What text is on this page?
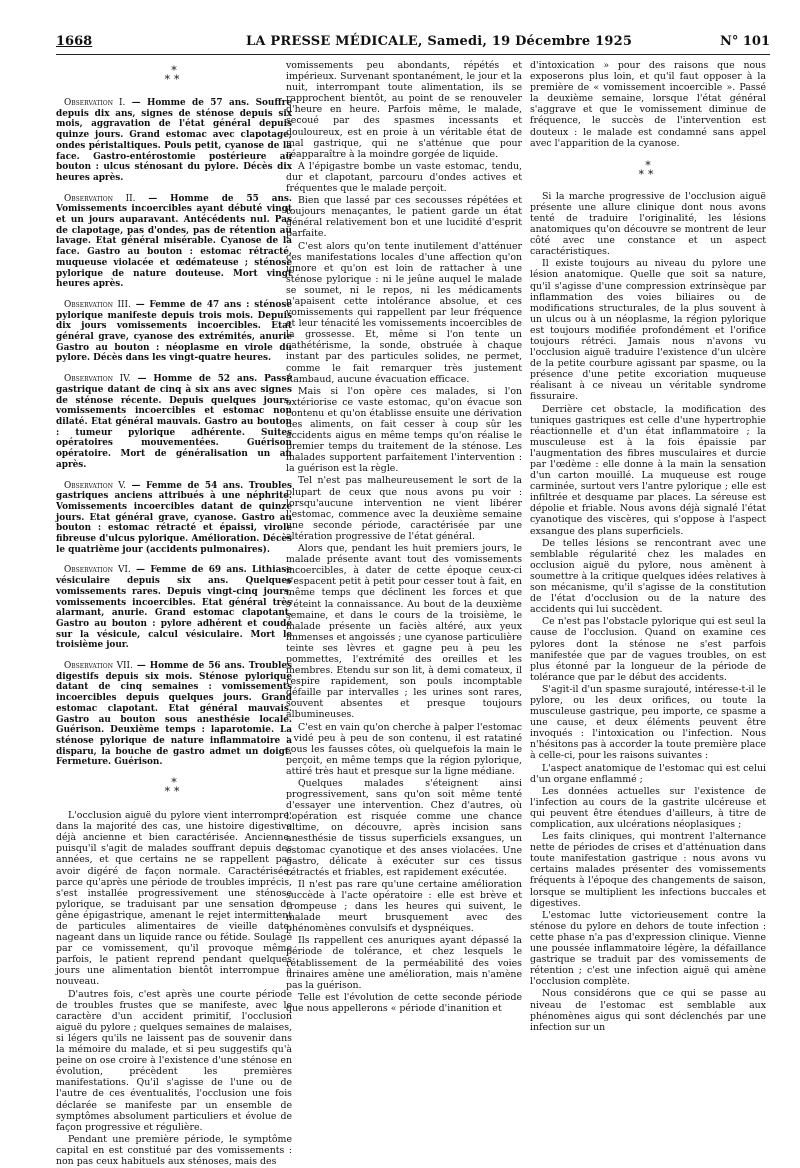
1668	LA PRESSE MÉDICALE, Samedi, 19 Décembre 1925	N° 101
*
**

Observation I. — Homme de 57 ans. Souffre depuis dix ans, signes de sténose depuis six mois, aggravation de l'état général depuis quinze jours. Grand estomac avec clapotage, ondes péristaltiques. Pouls petit, cyanose de la face. Gastro-entérostomie postérieure au bouton : ulcus sténosant du pylore. Décès dix heures après.

Observation II. — Homme de 55 ans. Vomissements incoercibles ayant débuté vingt et un jours auparavant. Antécédents nul. Pas de clapotage, pas d'ondes, pas de rétention au lavage. Etat général misérable. Cyanose de la face. Gastro au bouton : estomac rétracté, muqueuse violacée et œdémateuse ; sténose pylorique de nature douteuse. Mort vingt heures après.

Observation III. — Femme de 47 ans : sténose pylorique manifeste depuis trois mois. Depuis dix jours vomissements incoercibles. Etat général grave, cyanose des extrémités, anurie Gastro au bouton : néoplasme en virole du pylore. Décès dans les vingt-quatre heures.

Observation IV. — Homme de 52 ans. Passé gastrique datant de cinq à six ans avec signes de sténose récente. Depuis quelques jours, vomissements incoercibles et estomac non dilaté. Etat général mauvais. Gastro au bouton : tumeur pylorique adhérente. Suites opératoires mouvementées. Guérison opératoire. Mort de généralisation un an après.

Observation V. — Femme de 54 ans. Troubles gastriques anciens attribués à une néphrite. Vomissements incoercibles datant de quinze jours. Etat général grave, cyanose. Gastro au bouton : estomac rétracté et épaissi, virole fibreuse d'ulcus pylorique. Amélioration. Décès le quatrième jour (accidents pulmonaires).

Observation VI. — Femme de 69 ans. Lithiase vésiculaire depuis six ans. Quelques vomissements rares. Depuis vingt-cinq jours, vomissements incoercibles. Etat général très alarmant, anurie. Grand estomac clapotant. Gastro au bouton : pylore adhérent et coudé sur la vésicule, calcul vésiculaire. Mort le troisième jour.

Observation VII. — Homme de 56 ans. Troubles digestifs depuis six mois. Sténose pylorique datant de cinq semaines : vomissements incoercibles depuis quelques jours. Grand estomac clapotant. Etat général mauvais. Gastro au bouton sous anesthésie locale. Guérison. Deuxième temps : laparotomie. La sténose pylorique de nature inflammatoire a disparu, la bouche de gastro admet un doigt. Fermeture. Guérison.

*
**

L'occlusion aiguë du pylore vient interrompre, dans la majorité des cas, une histoire digestive déjà ancienne et bien caractérisée. Ancienne, puisqu'il s'agit de malades souffrant depuis des années, et que certains ne se rappellent pas avoir digéré de façon normale. Caractérisée, parce qu'après une période de troubles imprécis, s'est installée progressivement une sténose pylorique, se traduisant par une sensation de gêne épigastrique, amenant le rejet intermittent de particules alimentaires de vieille date, nageant dans un liquide rance ou fétide. Soulagé par ce vomissement, qu'il provoque même parfois, le patient reprend pendant quelques jours une alimentation bientôt interrompue à nouveau.

D'autres fois, c'est après une courte période de troubles frustes que se manifeste, avec le caractère d'un accident primitif, l'occlusion aiguë du pylore ; quelques semaines de malaises, si légers qu'ils ne laissent pas de souvenir dans la mémoire du malade, et si peu suggestifs qu'à peine on ose croire à l'existence d'une sténose en évolution, précèdent les premières manifestations. Qu'il s'agisse de l'une ou de l'autre de ces éventualités, l'occlusion une fois déclarée se manifeste par un ensemble de symptômes absolument particuliers et évolue de façon progressive et régulière.

Pendant une première période, le symptôme capital en est constitué par des vomissements : non pas ceux habituels aux sténoses, mais des

vomissements peu abondants, répétés et impérieux. Survenant spontanément, le jour et la nuit, interrompant toute alimentation, ils se rapprochent bientôt, au point de se renouveler d'heure en heure. Parfois même, le malade, secoué par des spasmes incessants et douloureux, est en proie à un véritable état de mal gastrique, qui ne s'atténue que pour réapparaître à la moindre gorgée de liquide.

A l'épigastre bombe un vaste estomac, tendu, dur et clapotant, parcouru d'ondes actives et fréquentes que le malade perçoit.

Bien que lassé par ces secousses répétées et toujours menaçantes, le patient garde un état général relativement bon et une lucidité d'esprit parfaite.

C'est alors qu'on tente inutilement d'atténuer ces manifestations locales d'une affection qu'on ignore et qu'on est loin de rattacher à une sténose pylorique : ni le jeûne auquel le malade se soumet, ni le repos, ni les médicaments n'apaisent cette intolérance absolue, et ces vomissements qui rappellent par leur fréquence et leur ténacité les vomissements incoercibles de la grossesse. Et, même si l'on tente un cathétérisme, la sonde, obstruée à chaque instant par des particules solides, ne permet, comme le fait remarquer très justement Rambaud, aucune évacuation efficace.

Mais si l'on opère ces malades, si l'on extériorise ce vaste estomac, qu'on évacue son contenu et qu'on établisse ensuite une dérivation des aliments, on fait cesser à coup sûr les accidents aigus en même temps qu'on réalise le premier temps du traitement de la sténose. Les malades supportent parfaitement l'intervention : la guérison est la règle.

Tel n'est pas malheureusement le sort de la plupart de ceux que nous avons pu voir : lorsqu'aucune intervention ne vient libérer l'estomac, commence avec la deuxième semaine une seconde période, caractérisée par une altération progressive de l'état général.

Alors que, pendant les huit premiers jours, le malade présente avant tout des vomissements incoercibles, à dater de cette époque ceux-ci s'espacent petit à petit pour cesser tout à fait, en même temps que déclinent les forces et que s'éteint la connaissance. Au bout de la deuxième semaine, et dans le cours de la troisième, le malade présente un faciès altéré, aux yeux immenses et angoissés ; une cyanose particulière teinte ses lèvres et gagne peu à peu les pommettes, l'extrémité des oreilles et les membres. Etendu sur son lit, à demi comateux, il respire rapidement, son pouls incomptable défaille par intervalles ; les urines sont rares, souvent absentes et presque toujours albumineuses.

C'est en vain qu'on cherche à palper l'estomac : vidé peu à peu de son contenu, il est ratatiné sous les fausses côtes, où quelquefois la main le perçoit, en même temps que la région pylorique, attiré très haut et presque sur la ligne médiane.

Quelques malades s'éteignent ainsi progressivement, sans qu'on soit même tenté d'essayer une intervention. Chez d'autres, où l'opération est risquée comme une chance ultime, on découvre, après incision sans anesthésie de tissus superficiels exsangues, un estomac cyanotique et des anses violacées. Une gastro, délicate à exécuter sur ces tissus rétractés et friables, est rapidement exécutée.

Il n'est pas rare qu'une certaine amélioration succède à l'acte opératoire : elle est brève et trompeuse ; dans les heures qui suivent, le malade meurt brusquement avec des phénomènes convulsifs et dyspnéiques.

Ils rappellent ces anuriques ayant dépassé la période de tolérance, et chez lesquels le rétablissement de la perméabilité des voies urinaires amène une amélioration, mais n'amène pas la guérison.

Telle est l'évolution de cette seconde période que nous appellerons « période d'inanition et

d'intoxication » pour des raisons que nous exposerons plus loin, et qu'il faut opposer à la première de « vomissement incoercible ». Passé la deuxième semaine, lorsque l'état général s'aggrave et que le vomissement diminue de fréquence, le succès de l'intervention est douteux : le malade est condamné sans appel avec l'apparition de la cyanose.

*
**

Si la marche progressive de l'occlusion aiguë présente une allure clinique dont nous avons tenté de traduire l'originalité, les lésions anatomiques qu'on découvre se montrent de leur côté avec une constance et un aspect caractéristiques.

Il existe toujours au niveau du pylore une lésion anatomique. Quelle que soit sa nature, qu'il s'agisse d'une compression extrinsèque par inflammation des voies biliaires ou de modifications structurales, de la plus souvent à un ulcus ou à un néoplasme, la région pylorique est toujours modifiée profondément et l'orifice toujours rétréci. Jamais nous n'avons vu l'occlusion aiguë traduire l'existence d'un ulcère de la petite courbure agissant par spasme, ou la présence d'une petite excoriation muqueuse réalisant à ce niveau un véritable syndrome fissuraire.

Derrière cet obstacle, la modification des tuniques gastriques est celle d'une hypertrophie réactionnelle et d'un état inflammatoire ; la musculeuse est à la fois épaissie par l'augmentation des fibres musculaires et durcie par l'œdème : elle donne à la main la sensation d'un carton mouillé. La muqueuse est rouge carminée, surtout vers l'antre pylorique ; elle est infiltrée et desquame par places. La séreuse est dépolie et friable. Nous avons déjà signalé l'état cyanotique des viscères, qui s'oppose à l'aspect exsangue des plans superficiels.

De telles lésions se rencontrant avec une semblable régularité chez les malades en occlusion aiguë du pylore, nous amènent à soumettre à la critique quelques idées relatives à son mécanisme, qu'il s'agisse de la constitution de l'état d'occlusion ou de la nature des accidents qui lui succèdent.

Ce n'est pas l'obstacle pylorique qui est seul la cause de l'occlusion. Quand on examine ces pylores dont la sténose ne s'est parfois manifestée que par de vagues troubles, on est plus étonné par la longueur de la période de tolérance que par le début des accidents.

S'agit-il d'un spasme surajouté, intéresse-t-il le pylore, ou les deux orifices, ou toute la musculeuse gastrique, peu importe, ce spasme a une cause, et deux éléments peuvent être invoqués : l'intoxication ou l'infection. Nous n'hésitons pas à accorder la toute première place à celle-ci, pour les raisons suivantes :

L'aspect anatomique de l'estomac qui est celui d'un organe enflammé ;

Les données actuelles sur l'existence de l'infection au cours de la gastrite ulcéreuse et qui peuvent être étendues d'ailleurs, à titre de complication, aux ulcérations néoplasiques ;

Les faits cliniques, qui montrent l'alternance nette de périodes de crises et d'atténuation dans toute manifestation gastrique : nous avons vu certains malades présenter des vomissements fréquents à l'époque des changements de saison, lorsque se multiplient les infections buccales et digestives.

L'estomac lutte victorieusement contre la sténose du pylore en dehors de toute infection : cette phase n'a pas d'expression clinique. Vienne une poussée inflammatoire légère, la défaillance gastrique se traduit par des vomissements de rétention ; c'est une infection aiguë qui amène l'occlusion complète.

Nous considérons que ce qui se passe au niveau de l'estomac est semblable aux phénomènes aigus qui sont déclenchés par une infection sur un
